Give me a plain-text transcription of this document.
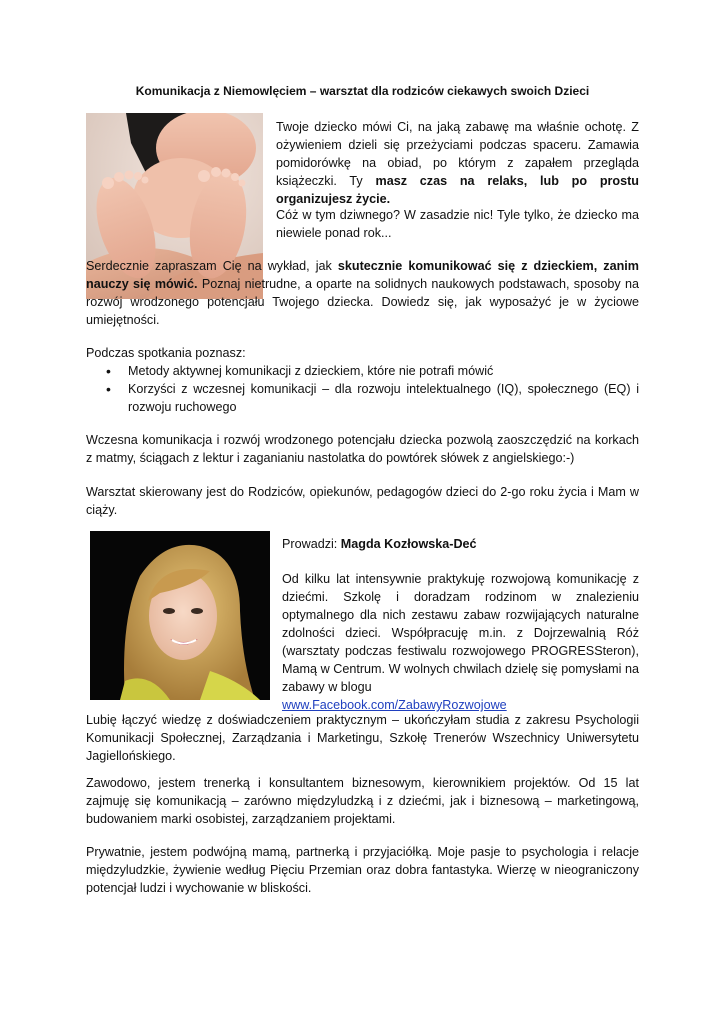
Komunikacja z Niemowlęciem – warsztat dla rodziców ciekawych swoich Dzieci
Twoje dziecko mówi Ci, na jaką zabawę ma właśnie ochotę. Z ożywieniem dzieli się przeżyciami podczas spaceru. Zamawia pomidorówkę na obiad, po którym z zapałem przegląda książeczki. Ty masz czas na relaks, lub po prostu organizujesz życie.
Cóż w tym dziwnego? W zasadzie nic! Tyle tylko, że dziecko ma niewiele ponad rok...
Serdecznie zapraszam Cię na wykład, jak skutecznie komunikować się z dzieckiem, zanim nauczy się mówić. Poznaj nietrudne, a oparte na solidnych naukowych podstawach, sposoby na rozwój wrodzonego potencjału Twojego dziecka. Dowiedz się, jak wyposażyć je w życiowe umiejętności.
Podczas spotkania poznasz:
• Metody aktywnej komunikacji z dzieckiem, które nie potrafi mówić
• Korzyści z wczesnej komunikacji – dla rozwoju intelektualnego (IQ), społecznego (EQ) i rozwoju ruchowego
Wczesna komunikacja i rozwój wrodzonego potencjału dziecka pozwolą zaoszczędzić na korkach z matmy, ściągach z lektur i zaganianiu nastolatka do powtórek słówek z angielskiego:-)
Warsztat skierowany jest do Rodziców, opiekunów, pedagogów dzieci do 2-go roku życia i Mam w ciąży.
Prowadzi: Magda Kozłowska-Deć
Od kilku lat intensywnie praktykuję rozwojową komunikację z dziećmi. Szkolę i doradzam rodzinom w znalezieniu optymalnego dla nich zestawu zabaw rozwijających naturalne zdolności dzieci. Współpracuję m.in. z Dojrzewalnią Róż (warsztaty podczas festiwalu rozwojowego PROGRESSteron), Mamą w Centrum. W wolnych chwilach dzielę się pomysłami na zabawy w blogu
www.Facebook.com/ZabawyRozwojowe
Lubię łączyć wiedzę z doświadczeniem praktycznym – ukończyłam studia z zakresu Psychologii Komunikacji Społecznej, Zarządzania i Marketingu, Szkołę Trenerów Wszechnicy Uniwersytetu Jagiellońskiego.
Zawodowo, jestem trenerką i konsultantem biznesowym, kierownikiem projektów. Od 15 lat zajmuję się komunikacją – zarówno międzyludzką i z dziećmi, jak i biznesową – marketingową, budowaniem marki osobistej, zarządzaniem projektami.
Prywatnie, jestem podwójną mamą, partnerką i przyjaciółką. Moje pasje to psychologia i relacje międzyludzkie, żywienie według Pięciu Przemian oraz dobra fantastyka. Wierzę w nieograniczony potencjał ludzi i wychowanie w bliskości.
